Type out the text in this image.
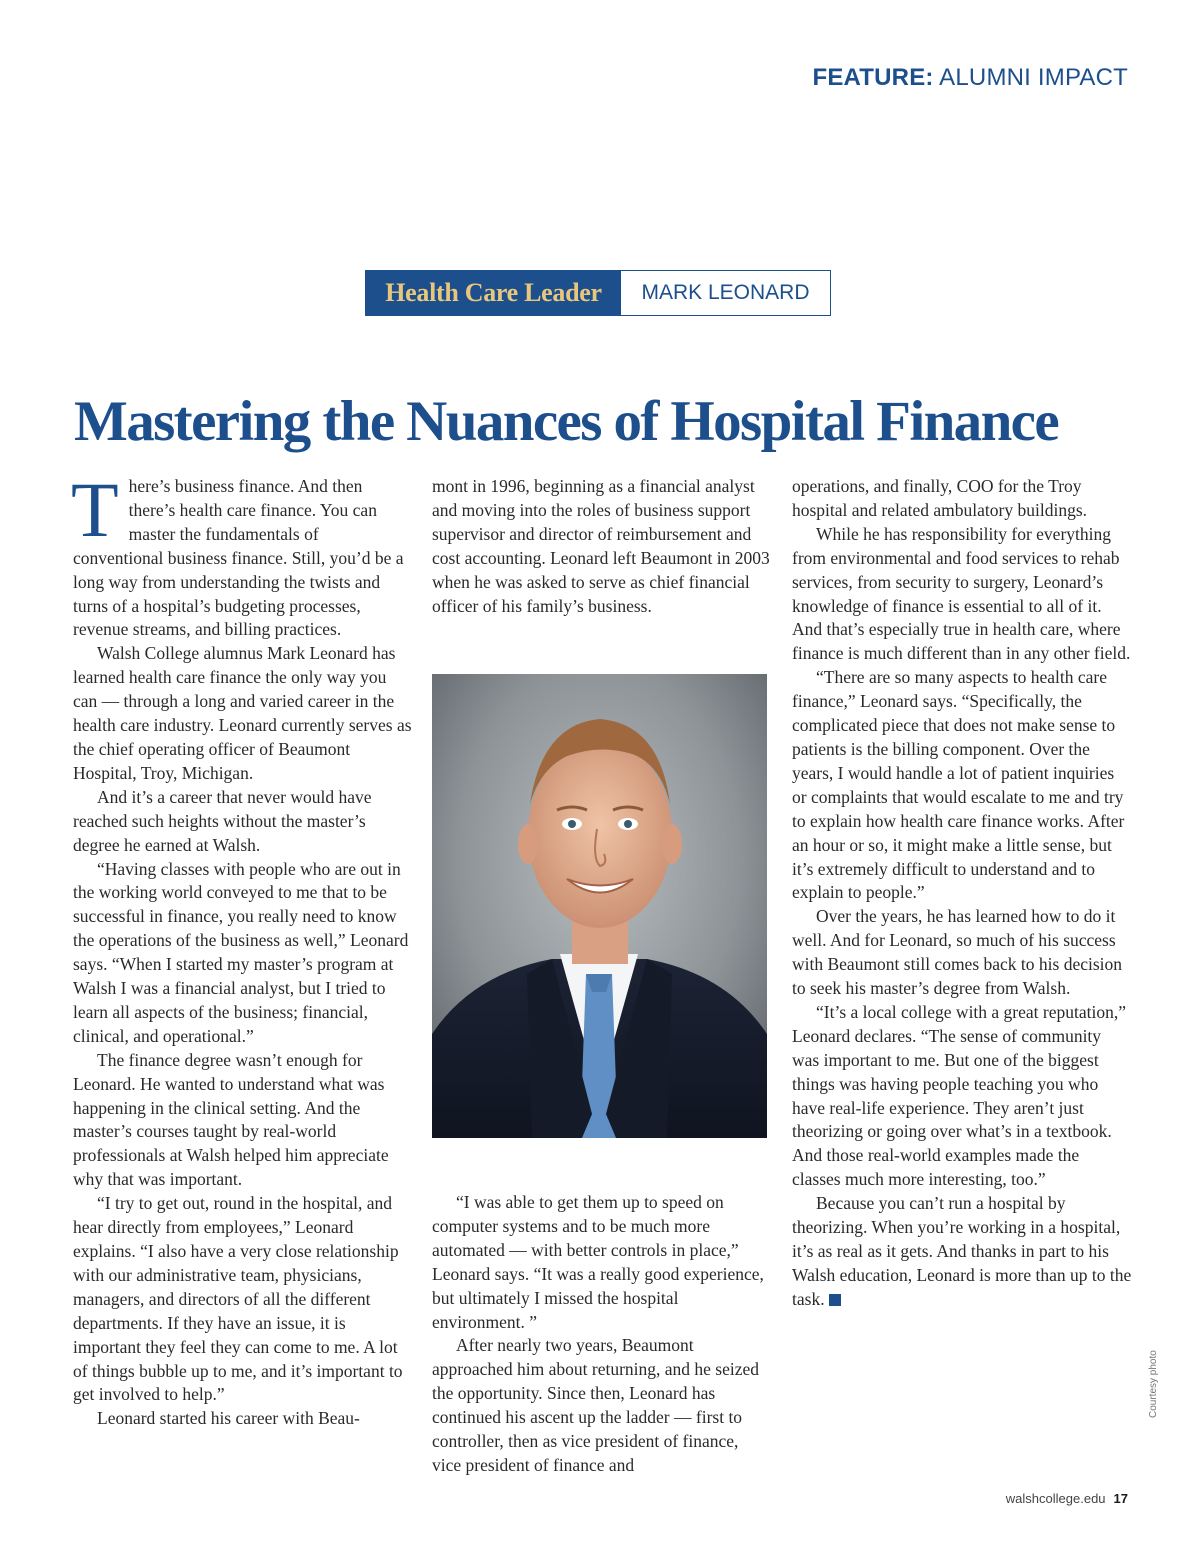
FEATURE: ALUMNI IMPACT
Health Care Leader	MARK LEONARD
Mastering the Nuances of Hospital Finance

There’s business finance. And then there’s health care finance. You can master the fundamentals of conventional business finance. Still, you’d be a long way from understanding the twists and turns of a hospital’s budgeting processes, revenue streams, and billing practices.

Walsh College alumnus Mark Leonard has learned health care finance the only way you can — through a long and varied career in the health care industry. Leonard currently serves as the chief operating officer of Beaumont Hospital, Troy, Michigan.

And it’s a career that never would have reached such heights without the master’s degree he earned at Walsh.

“Having classes with people who are out in the working world conveyed to me that to be successful in finance, you really need to know the operations of the business as well,” Leonard says. “When I started my master’s program at Walsh I was a financial analyst, but I tried to learn all aspects of the business; financial, clinical, and operational.”

The finance degree wasn’t enough for Leonard. He wanted to understand what was happening in the clinical setting. And the master’s courses taught by real-world professionals at Walsh helped him appreciate why that was important.

“I try to get out, round in the hospital, and hear directly from employees,” Leonard explains. “I also have a very close relationship with our administrative team, physicians, managers, and directors of all the different departments. If they have an issue, it is important they feel they can come to me. A lot of things bubble up to me, and it’s important to get involved to help.”

Leonard started his career with Beau-

mont in 1996, beginning as a financial analyst and moving into the roles of business support supervisor and director of reimbursement and cost accounting. Leonard left Beaumont in 2003 when he was asked to serve as chief financial officer of his family’s business.

“I was able to get them up to speed on computer systems and to be much more automated — with better controls in place,” Leonard says. “It was a really good experience, but ultimately I missed the hospital environment. ”

After nearly two years, Beaumont approached him about returning, and he seized the opportunity. Since then, Leonard has continued his ascent up the ladder — first to controller, then as vice president of finance, vice president of finance and

operations, and finally, COO for the Troy hospital and related ambulatory buildings.

While he has responsibility for everything from environmental and food services to rehab services, from security to surgery, Leonard’s knowledge of finance is essential to all of it. And that’s especially true in health care, where finance is much different than in any other field.

“There are so many aspects to health care finance,” Leonard says. “Specifically, the complicated piece that does not make sense to patients is the billing component. Over the years, I would handle a lot of patient inquiries or complaints that would escalate to me and try to explain how health care finance works. After an hour or so, it might make a little sense, but it’s extremely difficult to understand and to explain to people.”

Over the years, he has learned how to do it well. And for Leonard, so much of his success with Beaumont still comes back to his decision to seek his master’s degree from Walsh.

“It’s a local college with a great reputation,” Leonard declares. “The sense of community was important to me. But one of the biggest things was having people teaching you who have real-life experience. They aren’t just theorizing or going over what’s in a textbook. And those real-world examples made the classes much more interesting, too.”

Because you can’t run a hospital by theorizing. When you’re working in a hospital, it’s as real as it gets. And thanks in part to his Walsh education, Leonard is more than up to the task.

Courtesy photo
walshcollege.edu 17
